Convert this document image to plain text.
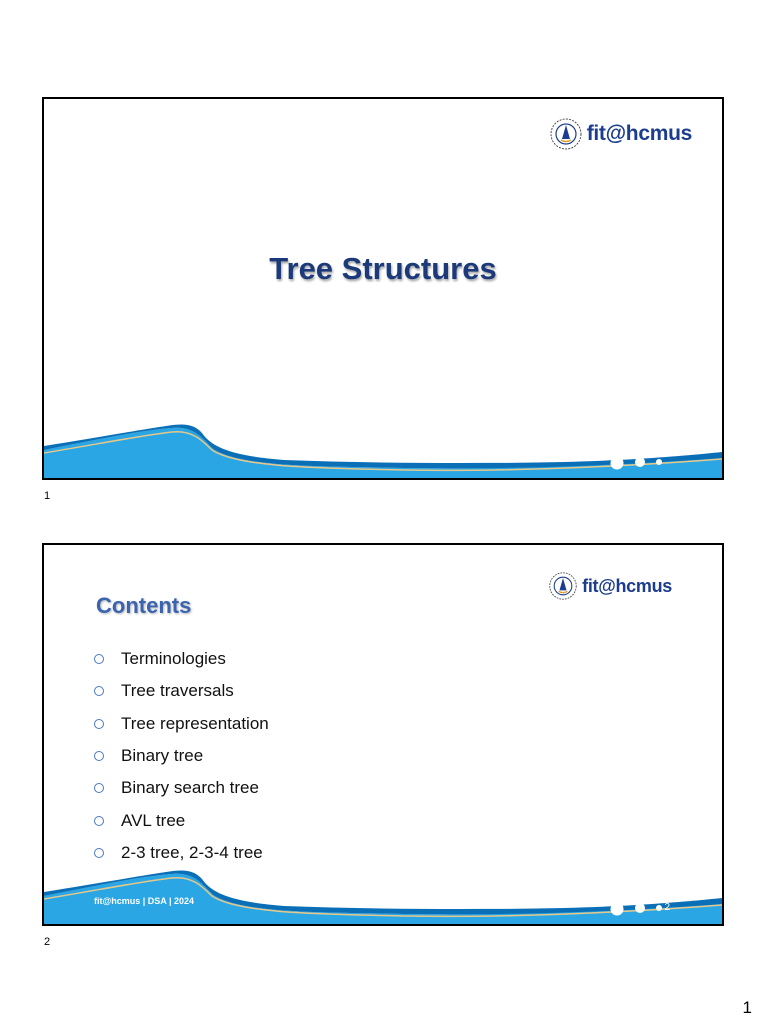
fit@hcmus
Tree Structures
1
fit@hcmus
Contents
Terminologies
Tree traversals
Tree representation
Binary tree
Binary search tree
AVL tree
2-3 tree, 2-3-4 tree
fit@hcmus | DSA | 2024
2
2
1
